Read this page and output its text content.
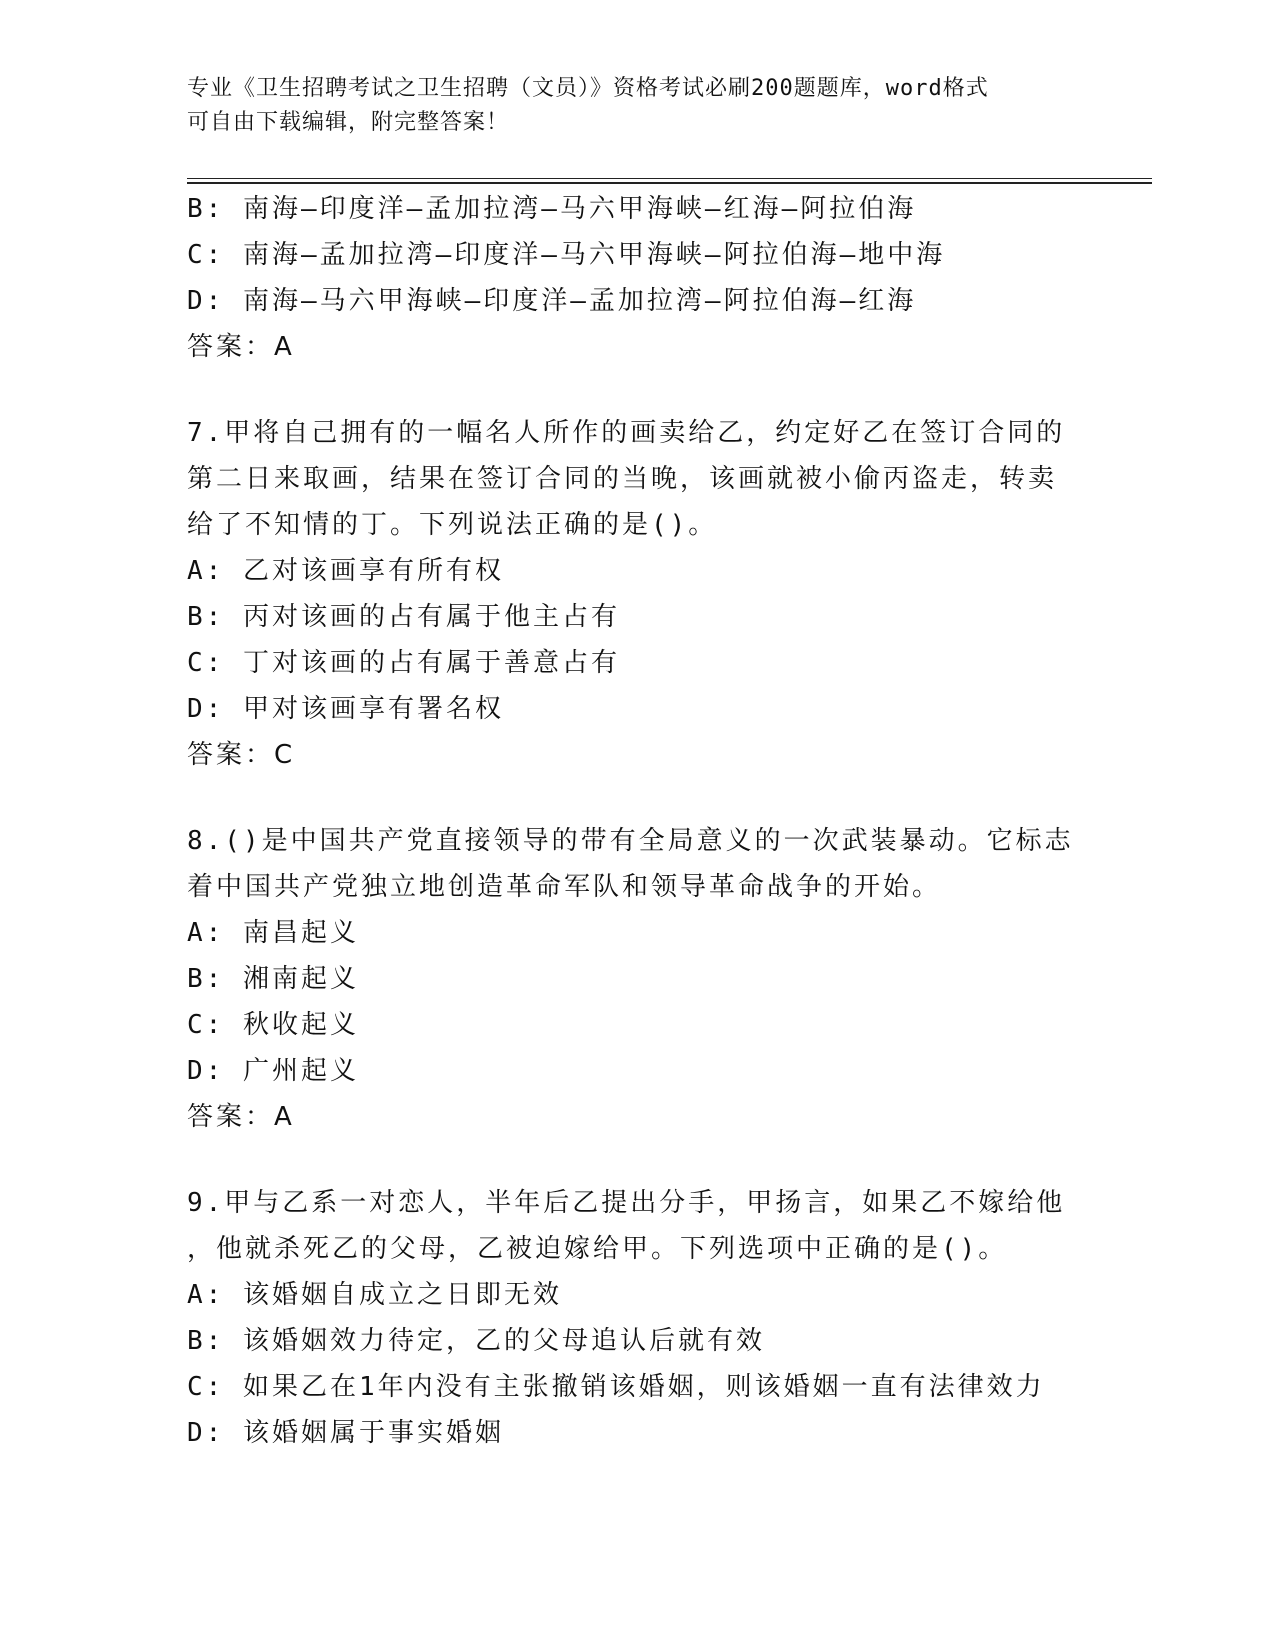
专业《卫生招聘考试之卫生招聘（文员）》资格考试必刷200题题库，word格式
可自由下载编辑，附完整答案！
B: 南海—印度洋—孟加拉湾—马六甲海峡—红海—阿拉伯海
C: 南海—孟加拉湾—印度洋—马六甲海峡—阿拉伯海—地中海
D: 南海—马六甲海峡—印度洋—孟加拉湾—阿拉伯海—红海
答案：A
7.甲将自己拥有的一幅名人所作的画卖给乙，约定好乙在签订合同的
第二日来取画，结果在签订合同的当晚，该画就被小偷丙盗走，转卖
给了不知情的丁。下列说法正确的是()。
A: 乙对该画享有所有权
B: 丙对该画的占有属于他主占有
C: 丁对该画的占有属于善意占有
D: 甲对该画享有署名权
答案：C
8.()是中国共产党直接领导的带有全局意义的一次武装暴动。它标志
着中国共产党独立地创造革命军队和领导革命战争的开始。
A: 南昌起义
B: 湘南起义
C: 秋收起义
D: 广州起义
答案：A
9.甲与乙系一对恋人，半年后乙提出分手，甲扬言，如果乙不嫁给他
，他就杀死乙的父母，乙被迫嫁给甲。下列选项中正确的是()。
A: 该婚姻自成立之日即无效
B: 该婚姻效力待定，乙的父母追认后就有效
C: 如果乙在1年内没有主张撤销该婚姻，则该婚姻一直有法律效力
D: 该婚姻属于事实婚姻
